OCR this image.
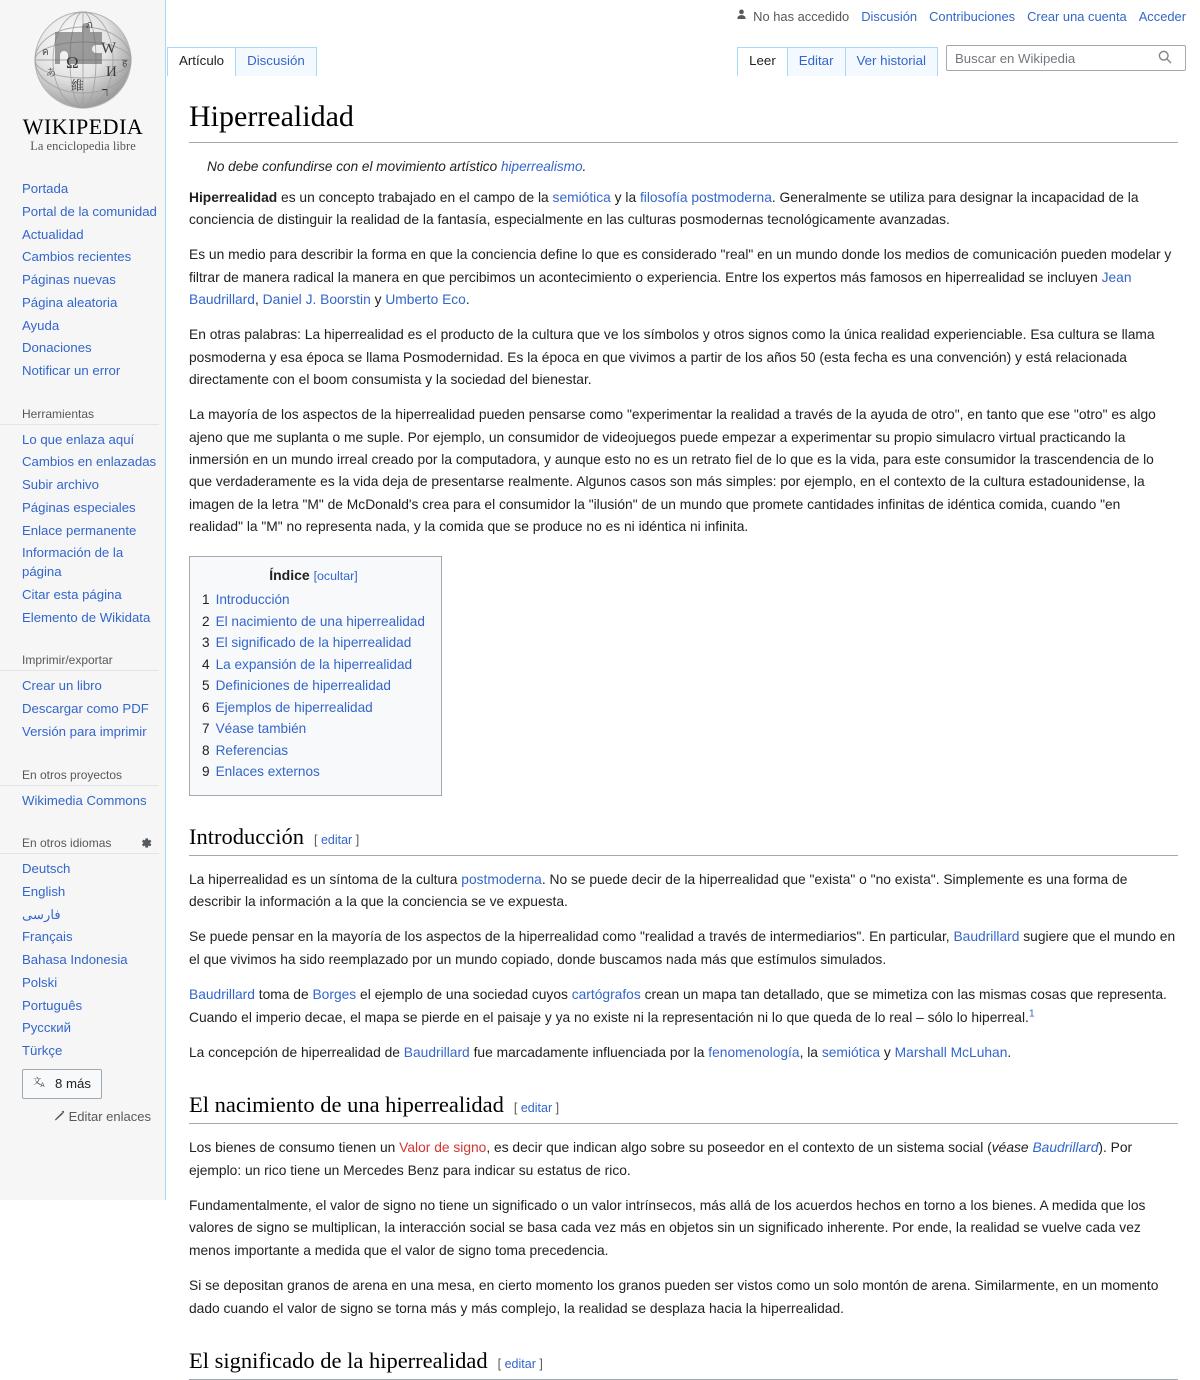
Ω
W
И
維 ר
ค
あ
ह
ภ
WIKIPEDIA
La enciclopedia libre
Portada
Portal de la comunidad
Actualidad
Cambios recientes
Páginas nuevas
Página aleatoria
Ayuda
Donaciones
Notificar un error
Herramientas
Lo que enlaza aquí
Cambios en enlazadas
Subir archivo
Páginas especiales
Enlace permanente
Información de la página
Citar esta página
Elemento de Wikidata
Imprimir/exportar
Crear un libro
Descargar como PDF
Versión para imprimir
En otros proyectos
Wikimedia Commons
En otros idiomas
Deutsch
English
فارسی
Français
Bahasa Indonesia
Polski
Português
Русский
Türkçe
文 A 8 más
Editar enlaces
No has accedido Discusión Contribuciones Crear una cuenta Acceder
Artículo	Discusión	Leer	Editar	Ver historial
Buscar en Wikipedia
Hiperrealidad
No debe confundirse con el movimiento artístico hiperrealismo.

Hiperrealidad es un concepto trabajado en el campo de la semiótica y la filosofía postmoderna. Generalmente se utiliza para designar la incapacidad de la conciencia de distinguir la realidad de la fantasía, especialmente en las culturas posmodernas tecnológicamente avanzadas.

Es un medio para describir la forma en que la conciencia define lo que es considerado "real" en un mundo donde los medios de comunicación pueden modelar y filtrar de manera radical la manera en que percibimos un acontecimiento o experiencia. Entre los expertos más famosos en hiperrealidad se incluyen Jean Baudrillard, Daniel J. Boorstin y Umberto Eco.

En otras palabras: La hiperrealidad es el producto de la cultura que ve los símbolos y otros signos como la única realidad experienciable. Esa cultura se llama posmoderna y esa época se llama Posmodernidad. Es la época en que vivimos a partir de los años 50 (esta fecha es una convención) y está relacionada directamente con el boom consumista y la sociedad del bienestar.

La mayoría de los aspectos de la hiperrealidad pueden pensarse como "experimentar la realidad a través de la ayuda de otro", en tanto que ese "otro" es algo ajeno que me suplanta o me suple. Por ejemplo, un consumidor de videojuegos puede empezar a experimentar su propio simulacro virtual practicando la inmersión en un mundo irreal creado por la computadora, y aunque esto no es un retrato fiel de lo que es la vida, para este consumidor la trascendencia de lo que verdaderamente es la vida deja de presentarse realmente. Algunos casos son más simples: por ejemplo, en el contexto de la cultura estadounidense, la imagen de la letra "M" de McDonald's crea para el consumidor la "ilusión" de un mundo que promete cantidades infinitas de idéntica comida, cuando "en realidad" la "M" no representa nada, y la comida que se produce no es ni idéntica ni infinita.

Índice [ocultar]
1 Introducción
2 El nacimiento de una hiperrealidad
3 El significado de la hiperrealidad
4 La expansión de la hiperrealidad
5 Definiciones de hiperrealidad
6 Ejemplos de hiperrealidad
7 Véase también
8 Referencias
9 Enlaces externos
Introducción [ editar ]

La hiperrealidad es un síntoma de la cultura postmoderna. No se puede decir de la hiperrealidad que "exista" o "no exista". Simplemente es una forma de describir la información a la que la conciencia se ve expuesta.

Se puede pensar en la mayoría de los aspectos de la hiperrealidad como "realidad a través de intermediarios". En particular, Baudrillard sugiere que el mundo en el que vivimos ha sido reemplazado por un mundo copiado, donde buscamos nada más que estímulos simulados.

Baudrillard toma de Borges el ejemplo de una sociedad cuyos cartógrafos crean un mapa tan detallado, que se mimetiza con las mismas cosas que representa. Cuando el imperio decae, el mapa se pierde en el paisaje y ya no existe ni la representación ni lo que queda de lo real – sólo lo hiperreal.$^1$

La concepción de hiperrealidad de Baudrillard fue marcadamente influenciada por la fenomenología, la semiótica y Marshall McLuhan.

El nacimiento de una hiperrealidad [ editar ]

Los bienes de consumo tienen un Valor de signo, es decir que indican algo sobre su poseedor en el contexto de un sistema social (véase Baudrillard). Por ejemplo: un rico tiene un Mercedes Benz para indicar su estatus de rico.

Fundamentalmente, el valor de signo no tiene un significado o un valor intrínsecos, más allá de los acuerdos hechos en torno a los bienes. A medida que los valores de signo se multiplican, la interacción social se basa cada vez más en objetos sin un significado inherente. Por ende, la realidad se vuelve cada vez menos importante a medida que el valor de signo toma precedencia.

Si se depositan granos de arena en una mesa, en cierto momento los granos pueden ser vistos como un solo montón de arena. Similarmente, en un momento dado cuando el valor de signo se torna más y más complejo, la realidad se desplaza hacia la hiperrealidad.

El significado de la hiperrealidad [ editar ]
